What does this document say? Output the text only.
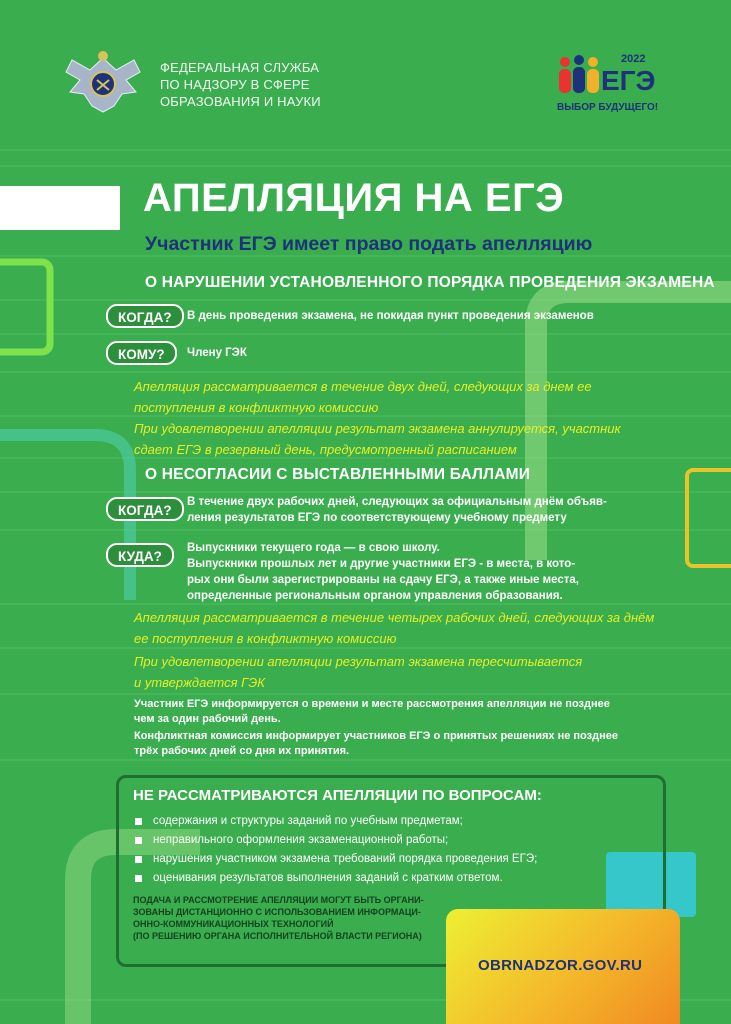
ФЕДЕРАЛЬНАЯ СЛУЖБА
ПО НАДЗОРУ В СФЕРЕ
ОБРАЗОВАНИЯ И НАУКИ
2022
ЕГЭ
ВЫБОР БУДУЩЕГО!
АПЕЛЛЯЦИЯ НА ЕГЭ
Участник ЕГЭ имеет право подать апелляцию
О НАРУШЕНИИ УСТАНОВЛЕННОГО ПОРЯДКА ПРОВЕДЕНИЯ ЭКЗАМЕНА
КОГДА?	В день проведения экзамена, не покидая пункт проведения экзаменов
КОМУ?	Члену ГЭК
Апелляция рассматривается в течение двух дней, следующих за днем ее
поступления в конфликтную комиссию
При удовлетворении апелляции результат экзамена аннулируется, участник
сдает ЕГЭ в резервный день, предусмотренный расписанием
О НЕСОГЛАСИИ С ВЫСТАВЛЕННЫМИ БАЛЛАМИ
КОГДА?
В течение двух рабочих дней, следующих за официальным днём объяв-
ления результатов ЕГЭ по соответствующему учебному предмету
КУДА?
Выпускники текущего года — в свою школу.
Выпускники прошлых лет и другие участники ЕГЭ - в места, в кото-
рых они были зарегистрированы на сдачу ЕГЭ, а также иные места,
определенные региональным органом управления образования.
Апелляция рассматривается в течение четырех рабочих дней, следующих за днём
ее поступления в конфликтную комиссию
При удовлетворении апелляции результат экзамена пересчитывается
и утверждается ГЭК
Участник ЕГЭ информируется о времени и месте рассмотрения апелляции не позднее
чем за один рабочий день.
Конфликтная комиссия информирует участников ЕГЭ о принятых решениях не позднее
трёх рабочих дней со дня их принятия.
НЕ РАССМАТРИВАЮТСЯ АПЕЛЛЯЦИИ ПО ВОПРОСАМ:
содержания и структуры заданий по учебным предметам;
неправильного оформления экзаменационной работы;
нарушения участником экзамена требований порядка проведения ЕГЭ;
оценивания результатов выполнения заданий с кратким ответом.
ПОДАЧА И РАССМОТРЕНИЕ АПЕЛЛЯЦИИ МОГУТ БЫТЬ ОРГАНИ-
ЗОВАНЫ ДИСТАНЦИОННО С ИСПОЛЬЗОВАНИЕМ ИНФОРМАЦИ-
ОННО-КОММУНИКАЦИОННЫХ ТЕХНОЛОГИЙ
(ПО РЕШЕНИЮ ОРГАНА ИСПОЛНИТЕЛЬНОЙ ВЛАСТИ РЕГИОНА)
OBRNADZOR.GOV.RU
